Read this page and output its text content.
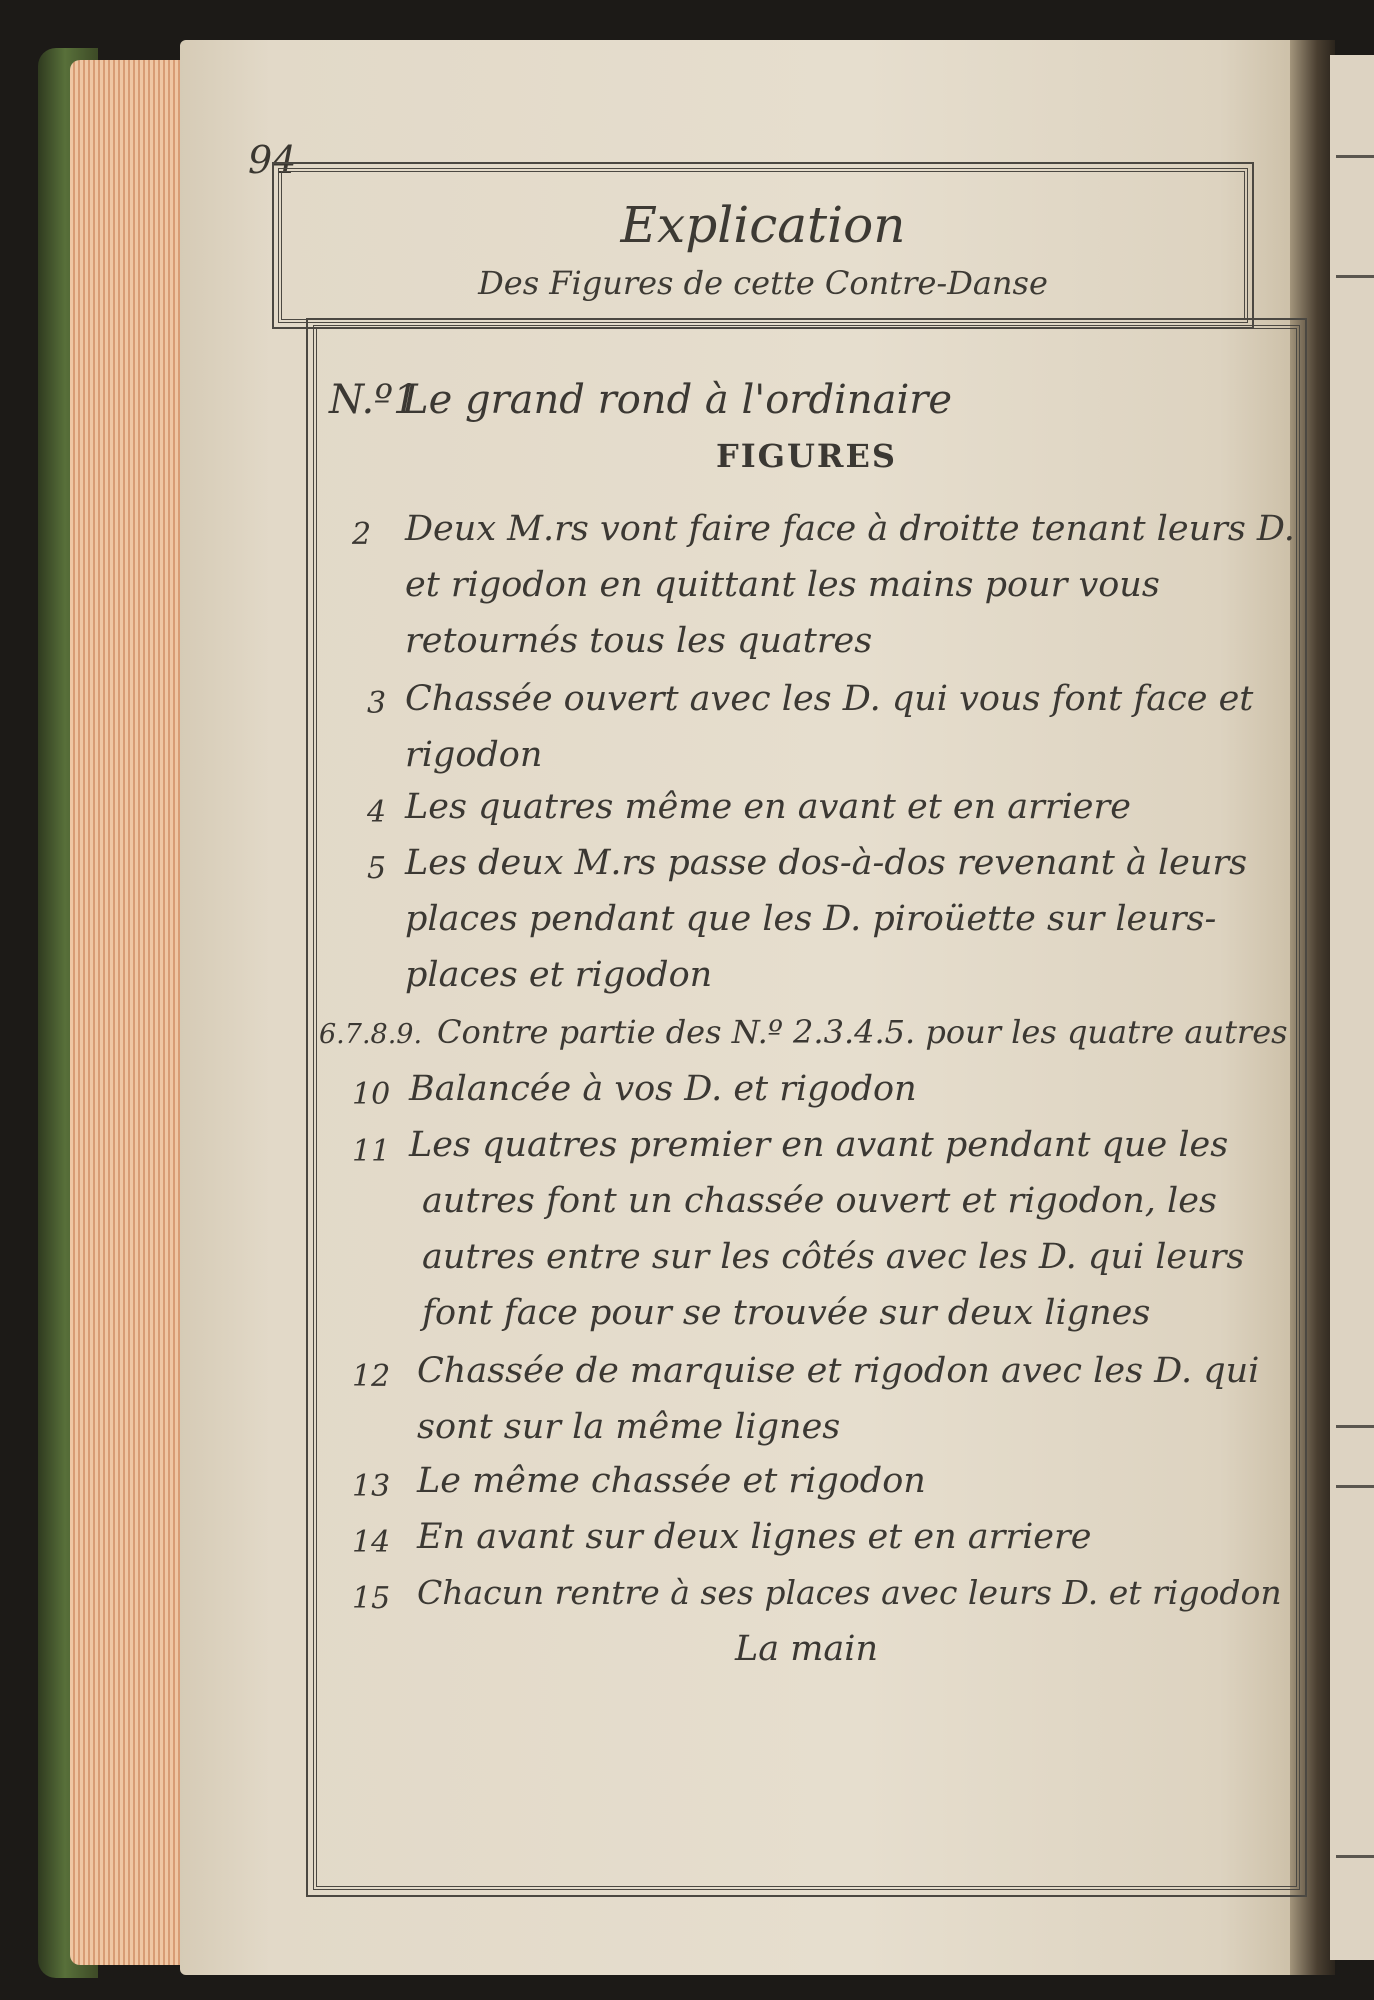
94
Explication
Des Figures de cette Contre-Danse
N.º1
Le grand rond à l'ordinaire
FIGURES
2 Deux M.rs vont faire face à droitte tenant leurs D.
et rigodon en quittant les mains pour vous
retournés tous les quatres
3 Chassée ouvert avec les D. qui vous font face et
rigodon
4 Les quatres même en avant et en arriere
5 Les deux M.rs passe dos-à-dos revenant à leurs
places pendant que les D. piroüette sur leurs-
places et rigodon
6.7.8.9. Contre partie des N.º 2.3.4.5. pour les quatre autres
10 Balancée à vos D. et rigodon
11 Les quatres premier en avant pendant que les
autres font un chassée ouvert et rigodon, les
autres entre sur les côtés avec les D. qui leurs
font face pour se trouvée sur deux lignes
12 Chassée de marquise et rigodon avec les D. qui
sont sur la même lignes
13 Le même chassée et rigodon
14 En avant sur deux lignes et en arriere
15 Chacun rentre à ses places avec leurs D. et rigodon
La main
